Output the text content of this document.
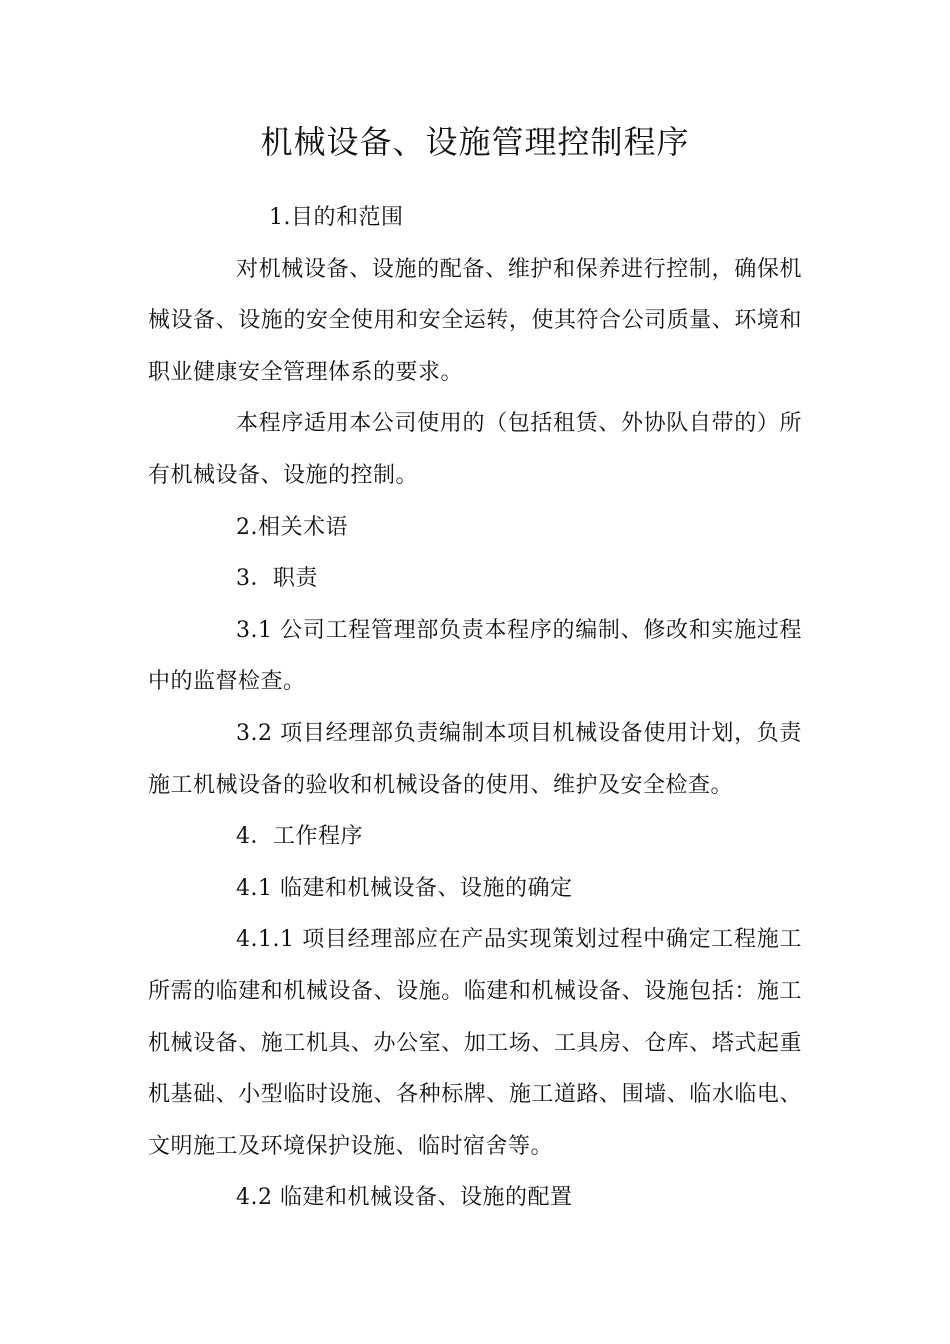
机械设备、设施管理控制程序

1.目的和范围

对机械设备、设施的配备、维护和保养进行控制，确保机械设备、设施的安全使用和安全运转，使其符合公司质量、环境和职业健康安全管理体系的要求。

本程序适用本公司使用的（包括租赁、外协队自带的）所有机械设备、设施的控制。

2.相关术语

3．职责

3.1 公司工程管理部负责本程序的编制、修改和实施过程中的监督检查。

3.2 项目经理部负责编制本项目机械设备使用计划，负责施工机械设备的验收和机械设备的使用、维护及安全检查。

4．工作程序

4.1 临建和机械设备、设施的确定

4.1.1 项目经理部应在产品实现策划过程中确定工程施工所需的临建和机械设备、设施。临建和机械设备、设施包括：施工机械设备、施工机具、办公室、加工场、工具房、仓库、塔式起重机基础、小型临时设施、各种标牌、施工道路、围墙、临水临电、文明施工及环境保护设施、临时宿舍等。

4.2 临建和机械设备、设施的配置
